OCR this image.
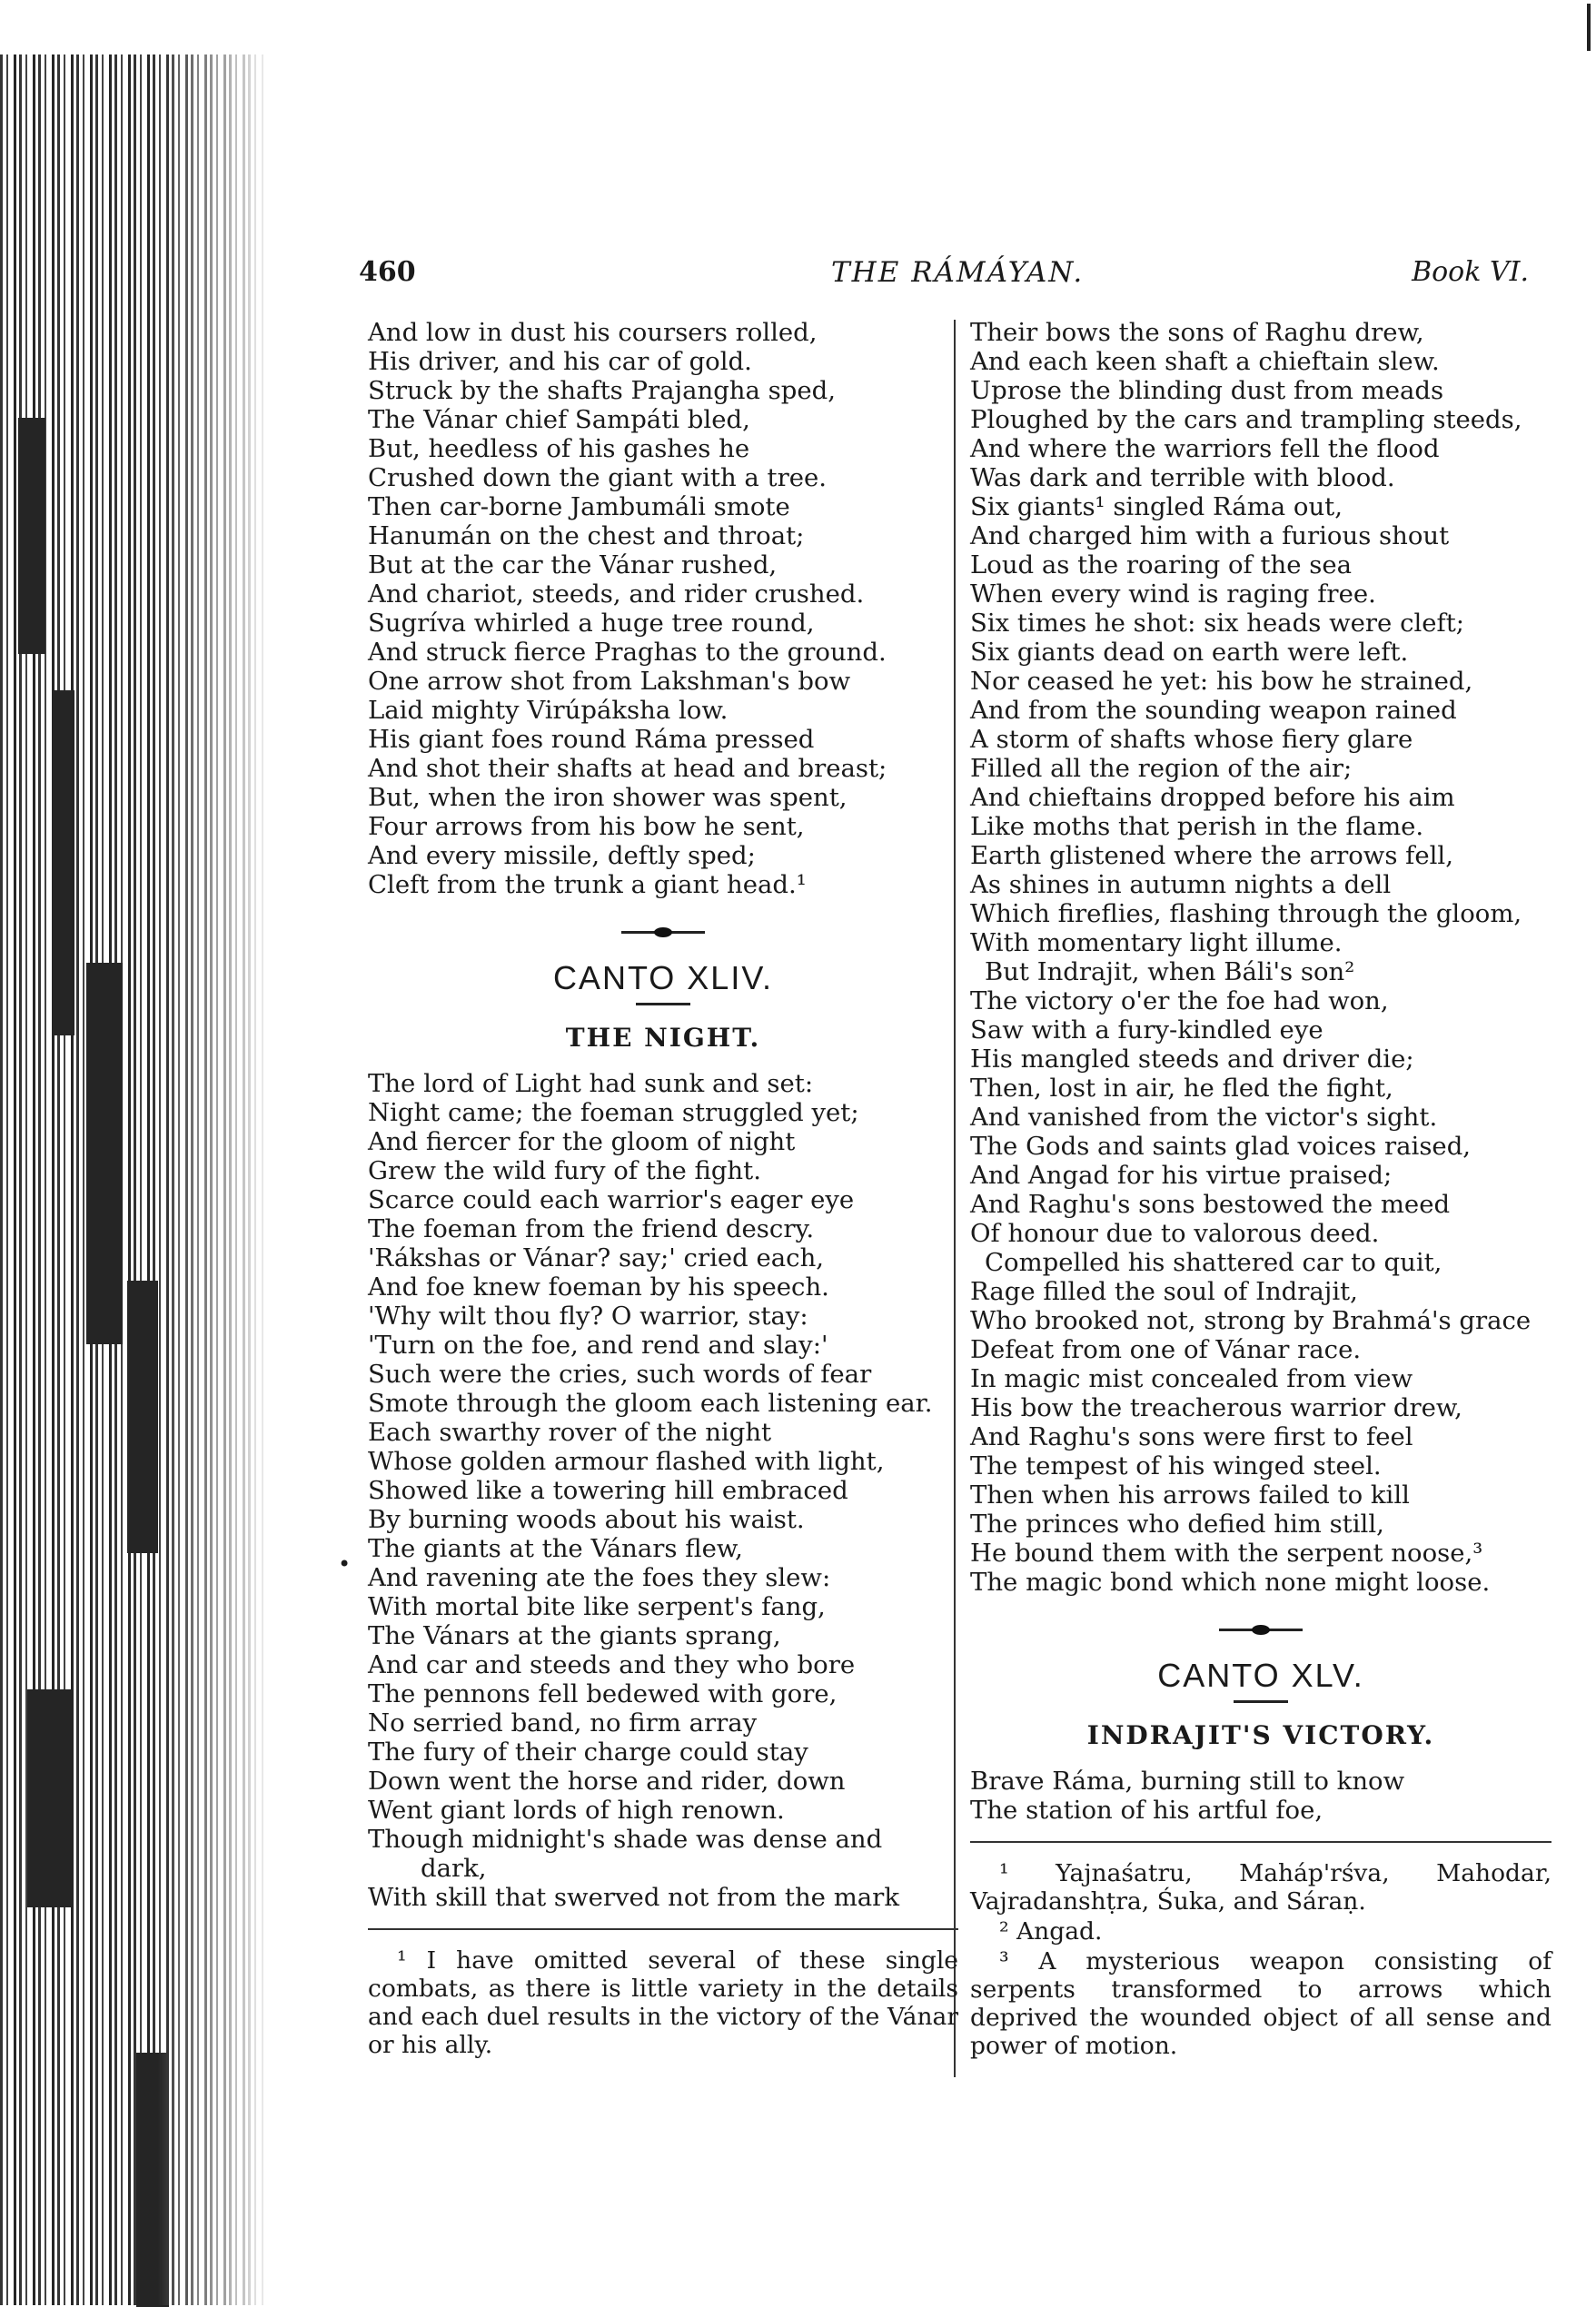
460	THE RÁMÁYAN.	Book VI.
•
And low in dust his coursers rolled,
His driver, and his car of gold.
Struck by the shafts Prajangha sped,
The Vánar chief Sampáti bled,
But, heedless of his gashes he
Crushed down the giant with a tree.
Then car-borne Jambumáli smote
Hanumán on the chest and throat;
But at the car the Vánar rushed,
And chariot, steeds, and rider crushed.
Sugríva whirled a huge tree round,
And struck fierce Praghas to the ground.
One arrow shot from Lakshman's bow
Laid mighty Virúpáksha low.
His giant foes round Ráma pressed
And shot their shafts at head and breast;
But, when the iron shower was spent,
Four arrows from his bow he sent,
And every missile, deftly sped;
Cleft from the trunk a giant head.¹
CANTO XLIV.
THE NIGHT.
The lord of Light had sunk and set:
Night came; the foeman struggled yet;
And fiercer for the gloom of night
Grew the wild fury of the fight.
Scarce could each warrior's eager eye
The foeman from the friend descry.
'Rákshas or Vánar? say;' cried each,
And foe knew foeman by his speech.
'Why wilt thou fly? O warrior, stay:
'Turn on the foe, and rend and slay:'
Such were the cries, such words of fear
Smote through the gloom each listening ear.
Each swarthy rover of the night
Whose golden armour flashed with light,
Showed like a towering hill embraced
By burning woods about his waist.
The giants at the Vánars flew,
And ravening ate the foes they slew:
With mortal bite like serpent's fang,
The Vánars at the giants sprang,
And car and steeds and they who bore
The pennons fell bedewed with gore,
No serried band, no firm array
The fury of their charge could stay
Down went the horse and rider, down
Went giant lords of high renown.
Though midnight's shade was dense and
dark,
With skill that swerved not from the mark

¹ I have omitted several of these single combats, as there is little variety in the details and each duel results in the victory of the Vánar or his ally.

Their bows the sons of Raghu drew,
And each keen shaft a chieftain slew.
Uprose the blinding dust from meads
Ploughed by the cars and trampling steeds,
And where the warriors fell the flood
Was dark and terrible with blood.
Six giants¹ singled Ráma out,
And charged him with a furious shout
Loud as the roaring of the sea
When every wind is raging free.
Six times he shot: six heads were cleft;
Six giants dead on earth were left.
Nor ceased he yet: his bow he strained,
And from the sounding weapon rained
A storm of shafts whose fiery glare
Filled all the region of the air;
And chieftains dropped before his aim
Like moths that perish in the flame.
Earth glistened where the arrows fell,
As shines in autumn nights a dell
Which fireflies, flashing through the gloom,
With momentary light illume.
But Indrajit, when Báli's son²
The victory o'er the foe had won,
Saw with a fury-kindled eye
His mangled steeds and driver die;
Then, lost in air, he fled the fight,
And vanished from the victor's sight.
The Gods and saints glad voices raised,
And Angad for his virtue praised;
And Raghu's sons bestowed the meed
Of honour due to valorous deed.
Compelled his shattered car to quit,
Rage filled the soul of Indrajit,
Who brooked not, strong by Brahmá's grace
Defeat from one of Vánar race.
In magic mist concealed from view
His bow the treacherous warrior drew,
And Raghu's sons were first to feel
The tempest of his winged steel.
Then when his arrows failed to kill
The princes who defied him still,
He bound them with the serpent noose,³
The magic bond which none might loose.
CANTO XLV.
INDRAJIT'S VICTORY.
Brave Ráma, burning still to know
The station of his artful foe,

¹ Yajnaśatru, Maháp'rśva, Mahodar, Vajradanshṭra, Śuka, and Sáraṇ.

² Angad.

³ A mysterious weapon consisting of serpents transformed to arrows which deprived the wounded object of all sense and power of motion.
